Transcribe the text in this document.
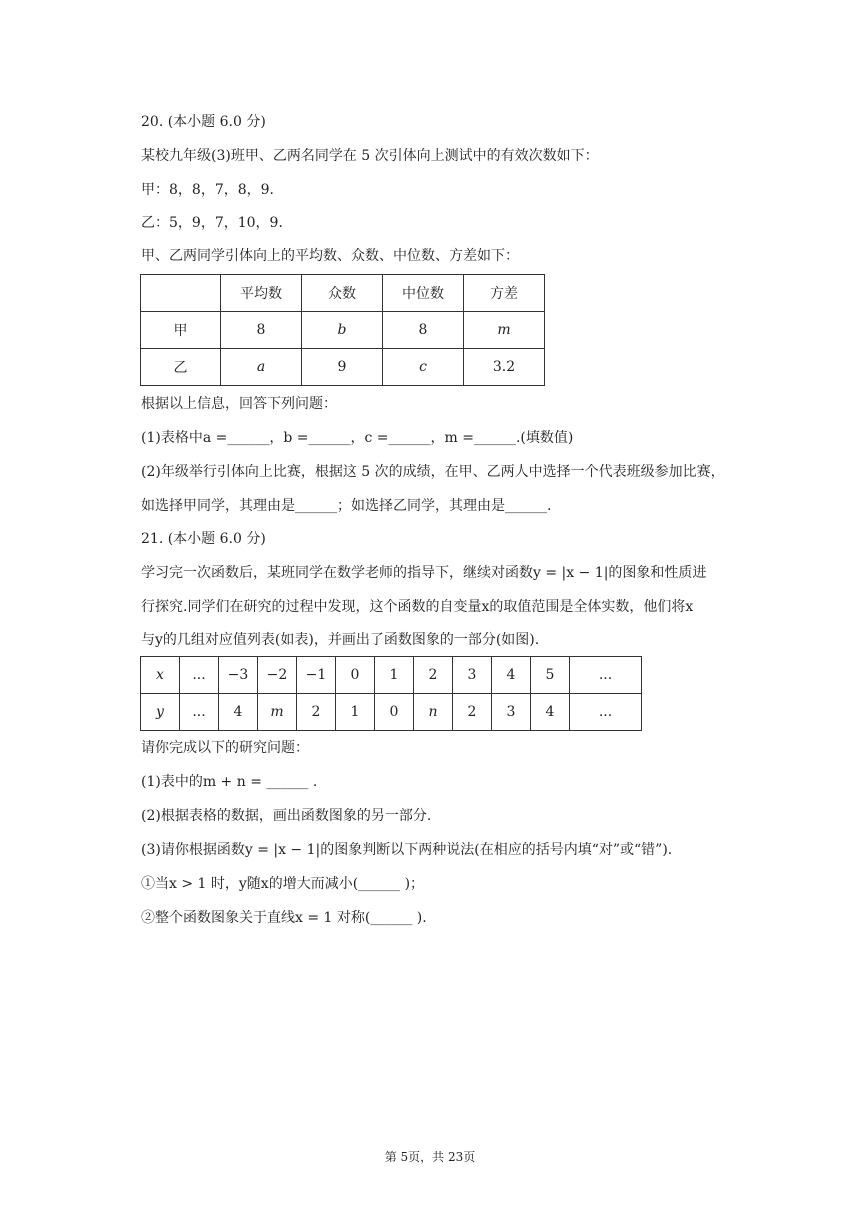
20. (本小题 6.0 分)
某校九年级(3)班甲、乙两名同学在 5 次引体向上测试中的有效次数如下：
甲：8，8，7，8，9．
乙：5，9，7，10，9．
甲、乙两同学引体向上的平均数、众数、中位数、方差如下：
	平均数	众数	中位数	方差
甲	8	b	8	m
乙	a	9	c	3.2
根据以上信息，回答下列问题：
(1)表格中a =______，b =______，c =______，m =______.(填数值)
(2)年级举行引体向上比赛，根据这 5 次的成绩，在甲、乙两人中选择一个代表班级参加比赛，
如选择甲同学，其理由是______；如选择乙同学，其理由是______.
21. (本小题 6.0 分)
学习完一次函数后，某班同学在数学老师的指导下，继续对函数y = |x − 1|的图象和性质进
行探究.同学们在研究的过程中发现，这个函数的自变量x的取值范围是全体实数，他们将x
与y的几组对应值列表(如表)，并画出了函数图象的一部分(如图).
x	...	−3	−2	−1	0	1	2	3	4	5	...
y	...	4	m	2	1	0	n	2	3	4	...
请你完成以下的研究问题：
(1)表中的m + n = ______ .
(2)根据表格的数据，画出函数图象的另一部分.
(3)请你根据函数y = |x − 1|的图象判断以下两种说法(在相应的括号内填“对”或“错”).
①当x > 1 时，y随x的增大而减小(______ )；
②整个函数图象关于直线x = 1 对称(______ ).
第 5页，共 23页
